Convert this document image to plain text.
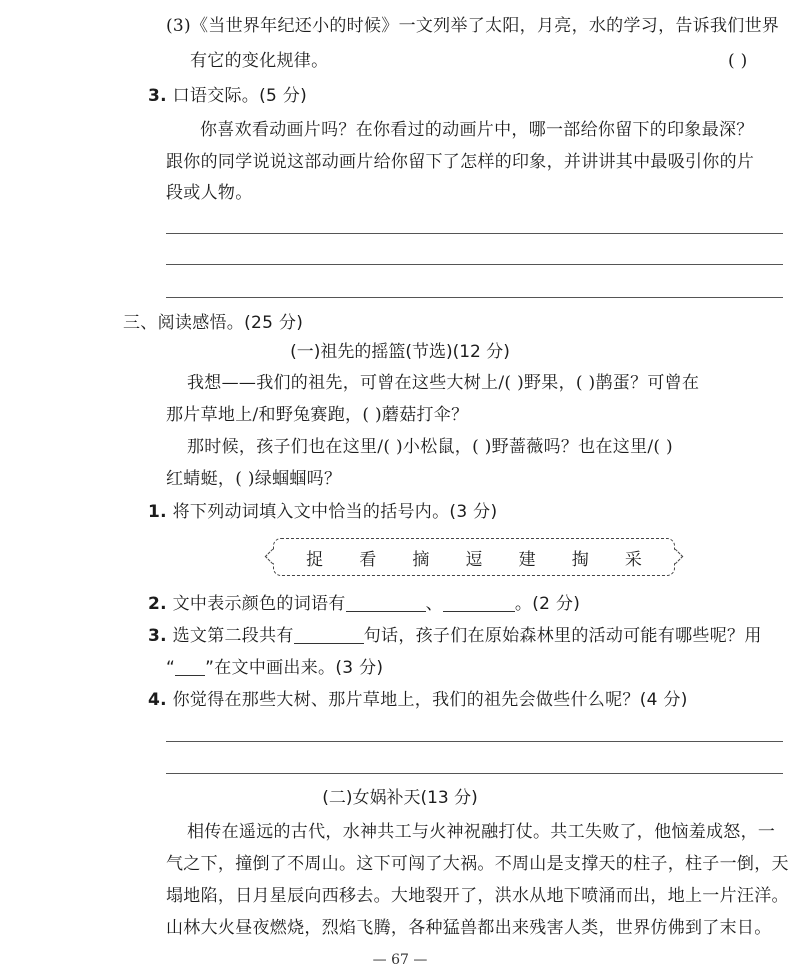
(3)《当世界年纪还小的时候》一文列举了太阳，月亮，水的学习，告诉我们世界
有它的变化规律。	( )
3. 口语交际。(5 分)
你喜欢看动画片吗？在你看过的动画片中，哪一部给你留下的印象最深？
跟你的同学说说这部动画片给你留下了怎样的印象，并讲讲其中最吸引你的片
段或人物。
三、阅读感悟。(25 分)
(一)祖先的摇篮(节选)(12 分)
我想——我们的祖先，可曾在这些大树上/( )野果，( )鹊蛋？可曾在
那片草地上/和野兔赛跑，( )蘑菇打伞？
那时候，孩子们也在这里/( )小松鼠，( )野蔷薇吗？也在这里/( )
红蜻蜓，( )绿蝈蝈吗？
1. 将下列动词填入文中恰当的括号内。(3 分)
捉 看 摘 逗 建 掏 采
2. 文中表示颜色的词语有	、	。(2 分)
3. 选文第二段共有	句话，孩子们在原始森林里的活动可能有哪些呢？用
“ ”在文中画出来。(3 分)
4. 你觉得在那些大树、那片草地上，我们的祖先会做些什么呢？(4 分)
(二)女娲补天(13 分)
相传在遥远的古代，水神共工与火神祝融打仗。共工失败了，他恼羞成怒，一
气之下，撞倒了不周山。这下可闯了大祸。不周山是支撑天的柱子，柱子一倒，天
塌地陷，日月星辰向西移去。大地裂开了，洪水从地下喷涌而出，地上一片汪洋。
山林大火昼夜燃烧，烈焰飞腾，各种猛兽都出来残害人类，世界仿佛到了末日。
— 67 —
